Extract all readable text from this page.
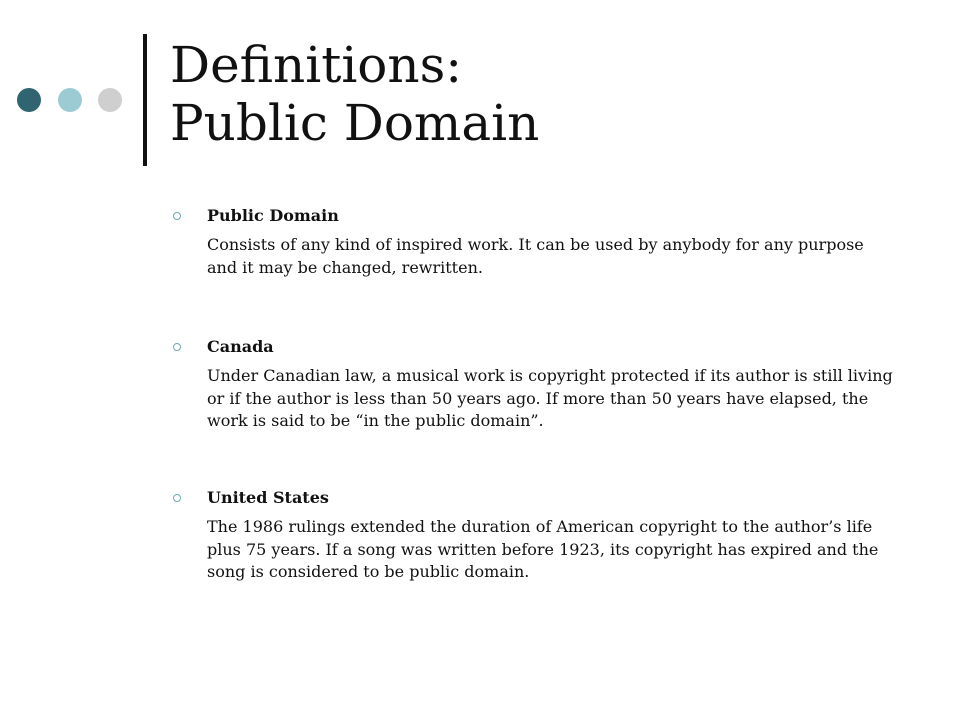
Definitions:
Public Domain

Public Domain

Consists of any kind of inspired work. It can be used by anybody for any purpose and it may be changed, rewritten.

Canada

Under Canadian law, a musical work is copyright protected if its author is still living or if the author is less than 50 years ago. If more than 50 years have elapsed, the work is said to be “in the public domain”.

United States

The 1986 rulings extended the duration of American copyright to the author’s life plus 75 years. If a song was written before 1923, its copyright has expired and the song is considered to be public domain.
